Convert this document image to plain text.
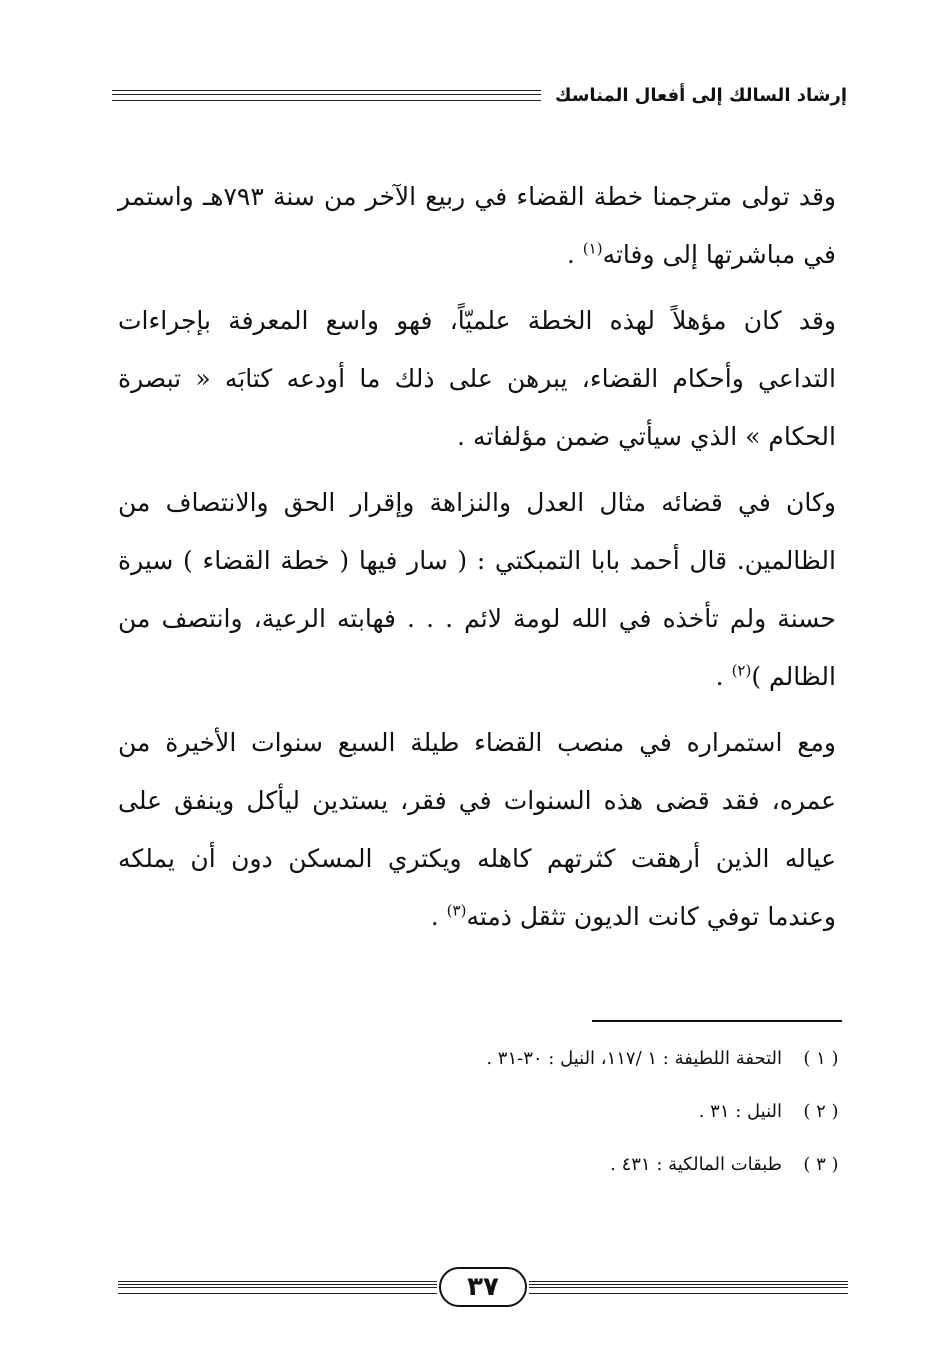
إرشاد السالك إلى أفعال المناسك

وقد تولى مترجمنا خطة القضاء في ربيع الآخر من سنة ٧٩٣هـ واستمر في مباشرتها إلى وفاته$^{(١)}$ .

وقد كان مؤهلاً لهذه الخطة علميّاً، فهو واسع المعرفة بإجراءات التداعي وأحكام القضاء، يبرهن على ذلك ما أودعه كتابَه « تبصرة الحكام » الذي سيأتي ضمن مؤلفاته .

وكان في قضائه مثال العدل والنزاهة وإقرار الحق والانتصاف من الظالمين. قال أحمد بابا التمبكتي : ( سار فيها ( خطة القضاء ) سيرة حسنة ولم تأخذه في الله لومة لائم . . . فهابته الرعية، وانتصف من الظالم )$^{(٢)}$ .

ومع استمراره في منصب القضاء طيلة السبع سنوات الأخيرة من عمره، فقد قضى هذه السنوات في فقر، يستدين ليأكل وينفق على عياله الذين أرهقت كثرتهم كاهله ويكتري المسكن دون أن يملكه وعندما توفي كانت الديون تثقل ذمته$^{(٣)}$ .

( ١ )
التحفة اللطيفة : ١ /١١٧، النيل : ٣٠-٣١ .
( ٢ )
النيل : ٣١ .
( ٣ )
طبقات المالكية : ٤٣١ .
٣٧
